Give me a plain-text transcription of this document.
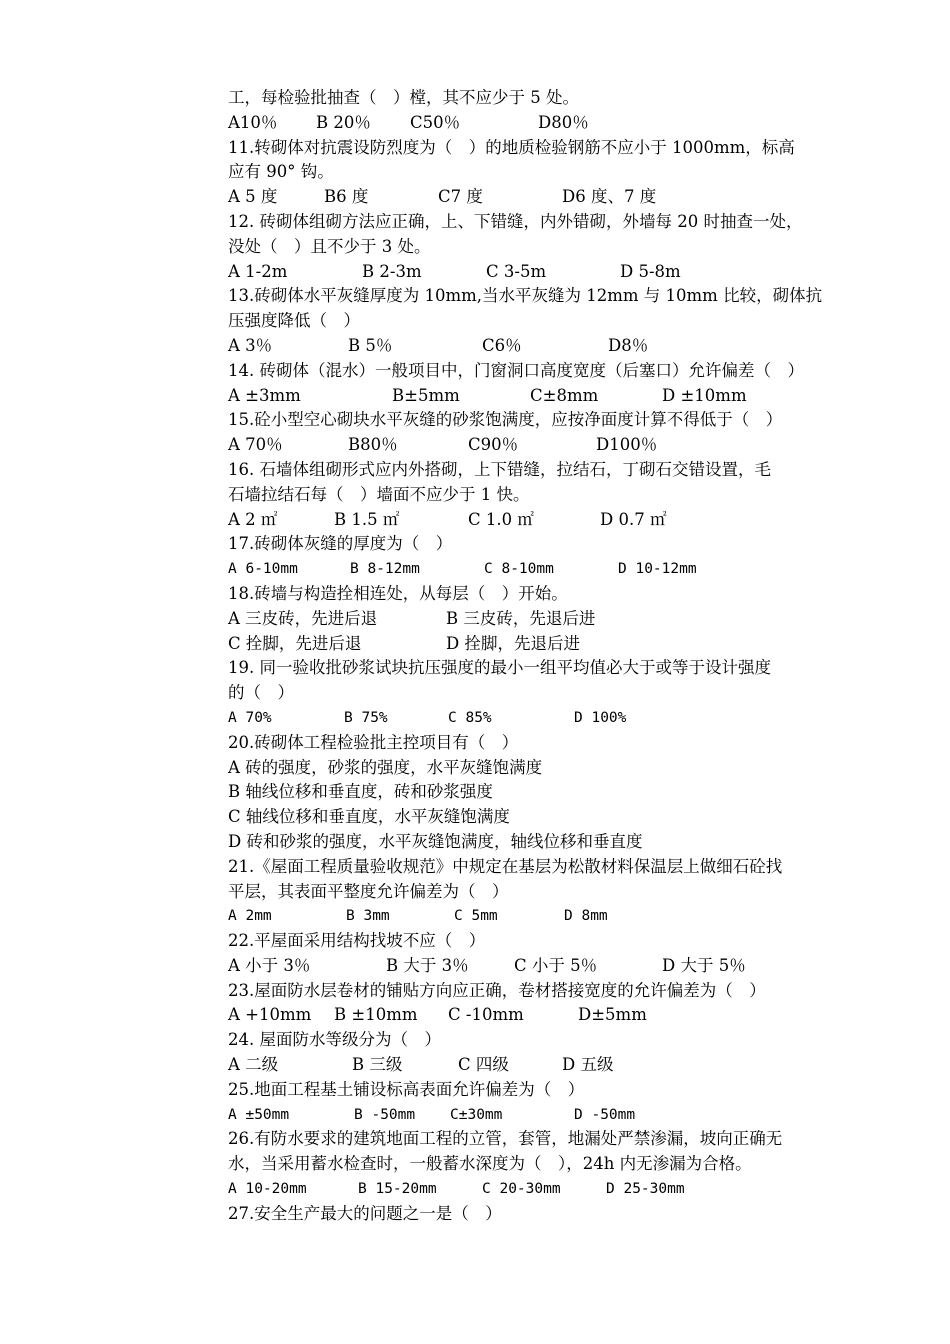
工，每检验批抽查（　）樘，其不应少于 5 处。
A10％ B 20％ C50％	D80％
11.转砌体对抗震设防烈度为（　）的地质检验钢筋不应小于 1000mm，标高
应有 90° 钩。
A 5 度	B6 度	C7 度	D6 度、7 度
12. 砖砌体组砌方法应正确，上、下错缝，内外错砌，外墙每 20 时抽查一处，
没处（　）且不少于 3 处。
A 1-2m	B 2-3m	C 3-5m	D 5-8m
13.砖砌体水平灰缝厚度为 10mm,当水平灰缝为 12mm 与 10mm 比较，砌体抗
压强度降低（　）
A 3％	B 5％	C6％	D8％
14. 砖砌体（混水）一般项目中，门窗洞口高度宽度（后塞口）允许偏差（　）
A ±3mm	B±5mm	C±8mm	D ±10mm
15.砼小型空心砌块水平灰缝的砂浆饱满度，应按净面度计算不得低于（　）
A 70％	B80％	C90％	D100％
16. 石墙体组砌形式应内外搭砌，上下错缝，拉结石，丁砌石交错设置，毛
石墙拉结石每（　）墙面不应少于 1 快。
A 2 ㎡	B 1.5 ㎡	C 1.0 ㎡	D 0.7 ㎡
17.砖砌体灰缝的厚度为（　）
A 6-10mm	B 8-12mm	C 8-10mm	D 10-12mm
18.砖墙与构造拴相连处，从每层（　）开始。
A 三皮砖，先进后退	B 三皮砖，先退后进
C 拴脚，先进后退	D 拴脚，先退后进
19. 同一验收批砂浆试块抗压强度的最小一组平均值必大于或等于设计强度
的（　）
A 70%	B 75%	C 85%	D 100%
20.砖砌体工程检验批主控项目有（　）
A 砖的强度，砂浆的强度，水平灰缝饱满度
B 轴线位移和垂直度，砖和砂浆强度
C 轴线位移和垂直度，水平灰缝饱满度
D 砖和砂浆的强度，水平灰缝饱满度，轴线位移和垂直度
21.《屋面工程质量验收规范》中规定在基层为松散材料保温层上做细石砼找
平层，其表面平整度允许偏差为（　）
A 2mm	B 3mm	C 5mm	D 8mm
22.平屋面采用结构找坡不应（　）
A 小于 3％	B 大于 3％	C 小于 5％	D 大于 5％
23.屋面防水层卷材的铺贴方向应正确，卷材搭接宽度的允许偏差为（　）
A +10mm B ±10mm C -10mm	D±5mm
24. 屋面防水等级分为（　）
A 二级	B 三级	C 四级	D 五级
25.地面工程基土铺设标高表面允许偏差为（　）
A ±50mm	B -50mm C±30mm	D -50mm
26.有防水要求的建筑地面工程的立管，套管，地漏处严禁渗漏，坡向正确无
水，当采用蓄水检查时，一般蓄水深度为（　），24h 内无渗漏为合格。
A 10-20mm	B 15-20mm	C 20-30mm	D 25-30mm
27.安全生产最大的问题之一是（　）
